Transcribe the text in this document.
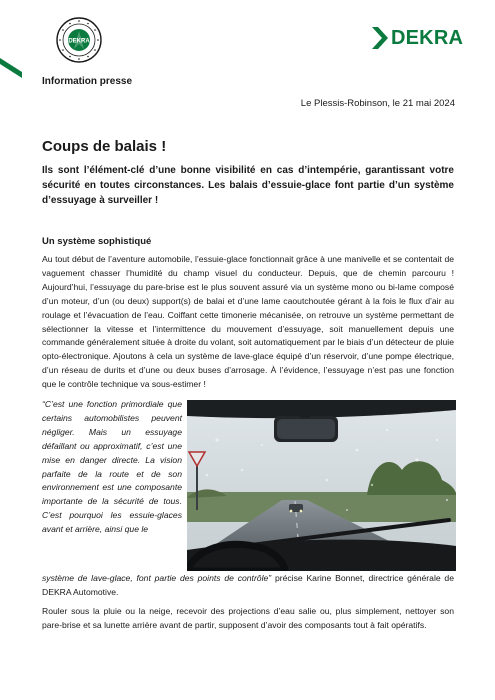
DEKRA	DEKRA
Information presse
Le Plessis-Robinson, le 21 mai 2024
Coups de balais !

Ils sont l’élément-clé d’une bonne visibilité en cas d’intempérie, garantissant votre sécurité en toutes circonstances. Les balais d’essuie-glace font partie d’un système d’essuyage à surveiller !

Un système sophistiqué

Au tout début de l’aventure automobile, l’essuie-glace fonctionnait grâce à une manivelle et se contentait de vaguement chasser l’humidité du champ visuel du conducteur. Depuis, que de chemin parcouru ! Aujourd’hui, l’essuyage du pare-brise est le plus souvent assuré via un système mono ou bi-lame composé d’un moteur, d’un (ou deux) support(s) de balai et d’une lame caoutchoutée gérant à la fois le flux d’air au roulage et l’évacuation de l’eau. Coiffant cette timonerie mécanisée, on retrouve un système permettant de sélectionner la vitesse et l’intermittence du mouvement d’essuyage, soit manuellement depuis une commande généralement située à droite du volant, soit automatiquement par le biais d’un détecteur de pluie opto-électronique. Ajoutons à cela un système de lave-glace équipé d’un réservoir, d’une pompe électrique, d’un réseau de durits et d’une ou deux buses d’arrosage. À l’évidence, l’essuyage n’est pas une fonction que le contrôle technique va sous-estimer !

“C’est une fonction primordiale que certains automobilistes peuvent négliger. Mais un essuyage défaillant ou approximatif, c’est une mise en danger directe. La vision parfaite de la route et de son environnement est une composante importante de la sécurité de tous. C’est pourquoi les essuie-glaces avant et arrière, ainsi que le

système de lave-glace, font partie des points de contrôle” précise Karine Bonnet, directrice générale de DEKRA Automotive.

Rouler sous la pluie ou la neige, recevoir des projections d’eau salie ou, plus simplement, nettoyer son pare-brise et sa lunette arrière avant de partir, supposent d’avoir des composants tout à fait opératifs.
